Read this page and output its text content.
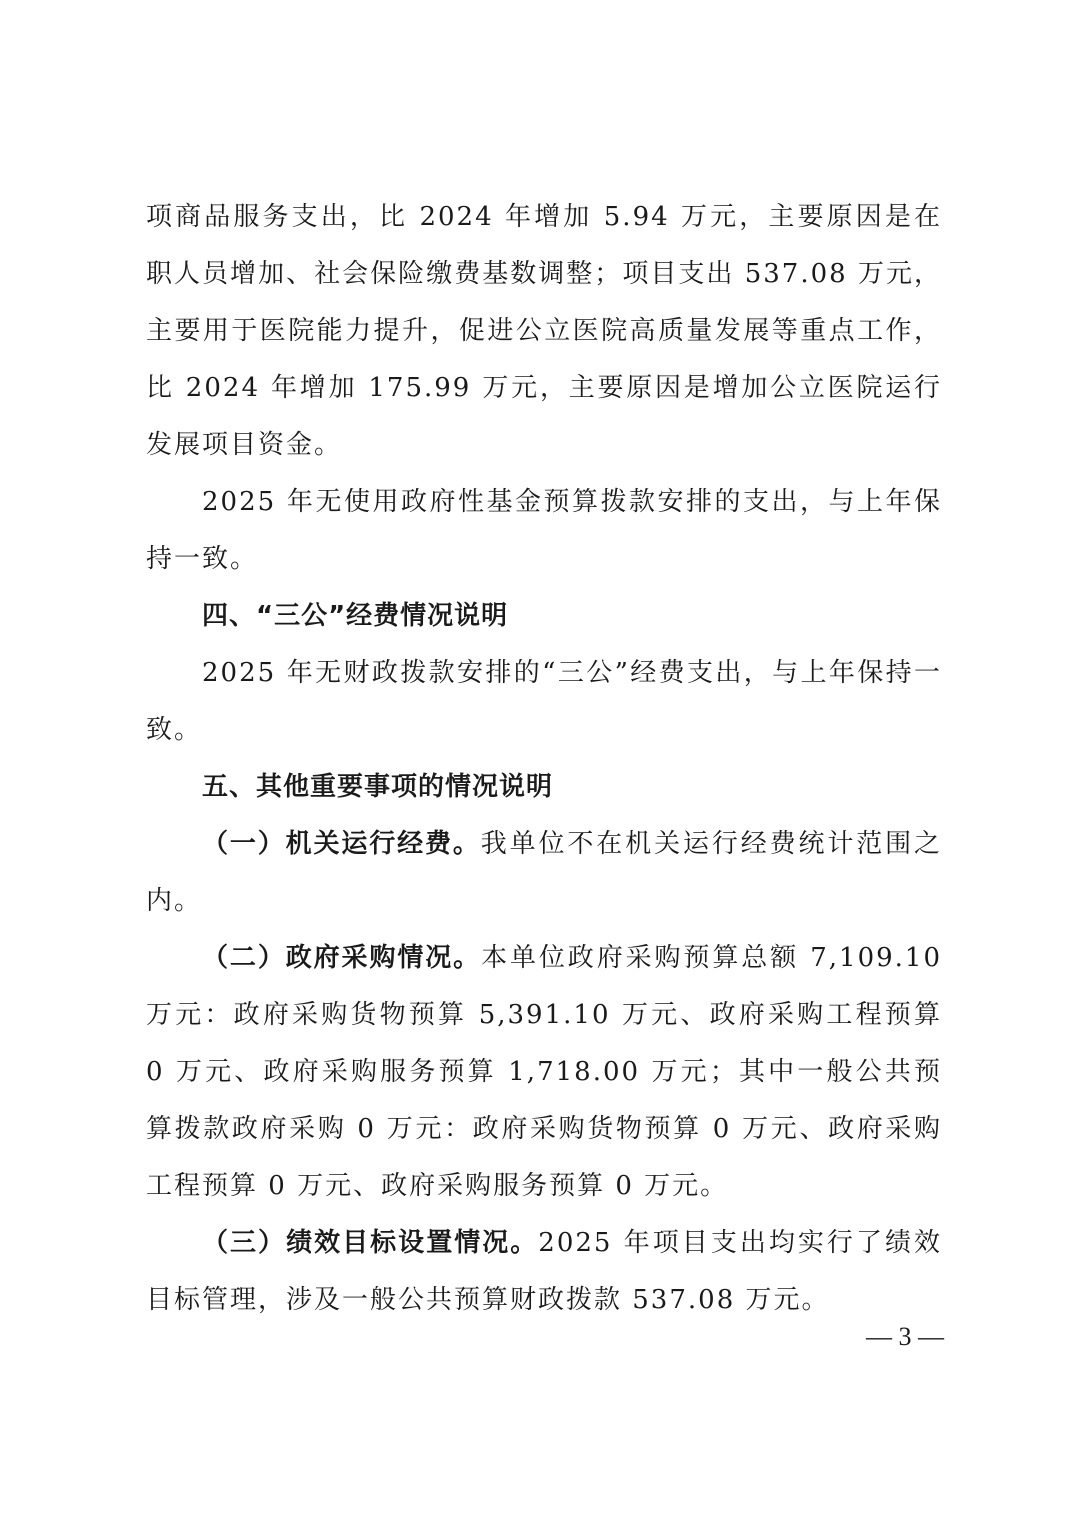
项商品服务支出，比 2024 年增加 5.94 万元，主要原因是在职人员增加、社会保险缴费基数调整；项目支出 537.08 万元，主要用于医院能力提升，促进公立医院高质量发展等重点工作，比 2024 年增加 175.99 万元，主要原因是增加公立医院运行发展项目资金。

2025 年无使用政府性基金预算拨款安排的支出，与上年保持一致。

四、“三公”经费情况说明

2025 年无财政拨款安排的“三公”经费支出，与上年保持一致。

五、其他重要事项的情况说明

（一）机关运行经费。我单位不在机关运行经费统计范围之内。

（二）政府采购情况。本单位政府采购预算总额 7,109.10 万元：政府采购货物预算 5,391.10 万元、政府采购工程预算 0 万元、政府采购服务预算 1,718.00 万元；其中一般公共预算拨款政府采购 0 万元：政府采购货物预算 0 万元、政府采购工程预算 0 万元、政府采购服务预算 0 万元。

（三）绩效目标设置情况。2025 年项目支出均实行了绩效目标管理，涉及一般公共预算财政拨款 537.08 万元。

— 3 —
